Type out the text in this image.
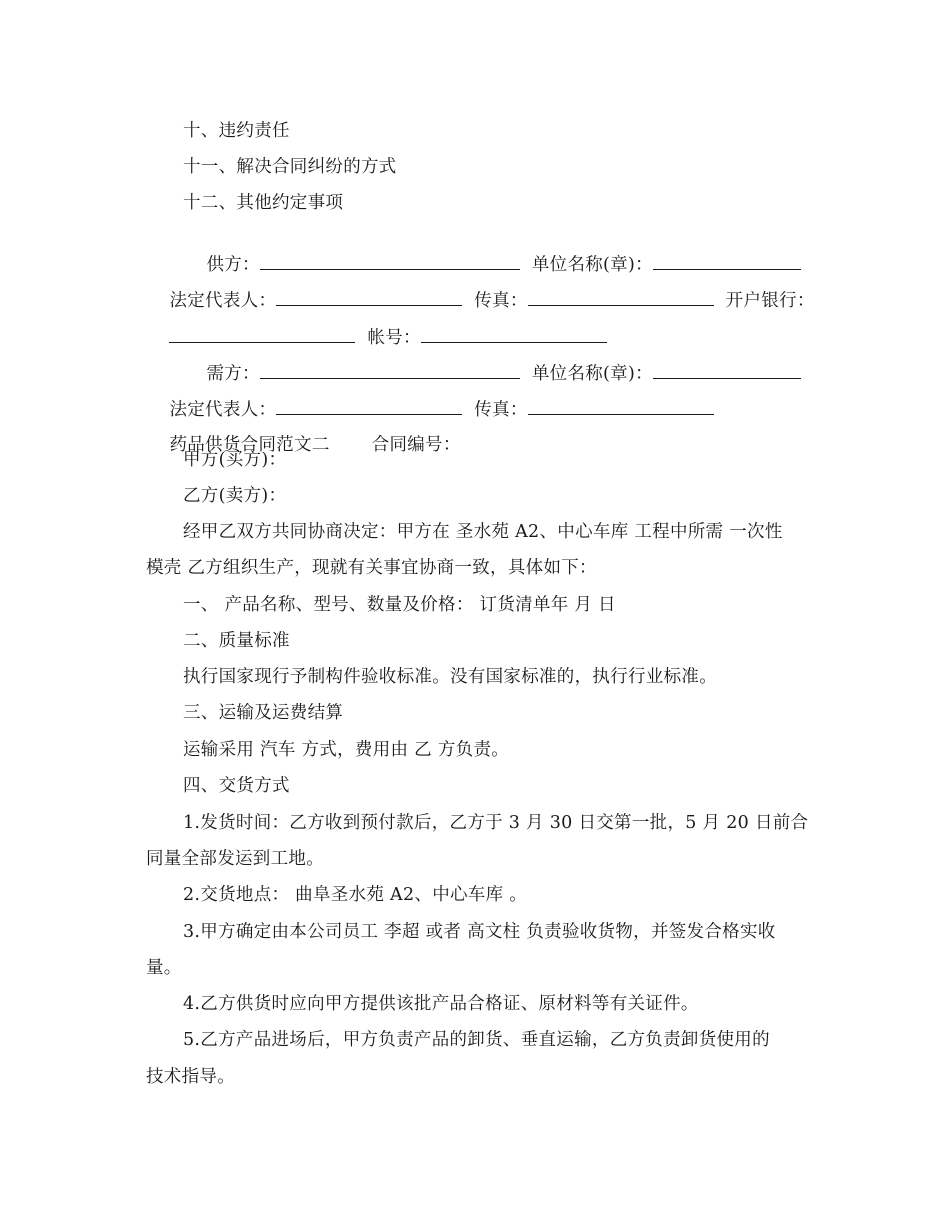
十、违约责任
十一、解决合同纠纷的方式
十二、其他约定事项

供方：	单位名称(章)：

法定代表人：	传真：	开户银行：

帐号：

需方：	单位名称(章)：

法定代表人：	传真：

药品供货合同范文二 合同编号：

甲方(买方)：
乙方(卖方)：
经甲乙双方共同协商决定：甲方在 圣水苑 A2、中心车库 工程中所需 一次性
模壳 乙方组织生产，现就有关事宜协商一致，具体如下：
一、 产品名称、型号、数量及价格： 订货清单年 月 日
二、质量标准
执行国家现行予制构件验收标准。没有国家标准的，执行行业标准。
三、运输及运费结算
运输采用 汽车 方式，费用由 乙 方负责。
四、交货方式
1.发货时间：乙方收到预付款后，乙方于 3 月 30 日交第一批，5 月 20 日前合
同量全部发运到工地。
2.交货地点： 曲阜圣水苑 A2、中心车库 。
3.甲方确定由本公司员工 李超 或者 高文柱 负责验收货物，并签发合格实收
量。
4.乙方供货时应向甲方提供该批产品合格证、原材料等有关证件。
5.乙方产品进场后，甲方负责产品的卸货、垂直运输，乙方负责卸货使用的
技术指导。
